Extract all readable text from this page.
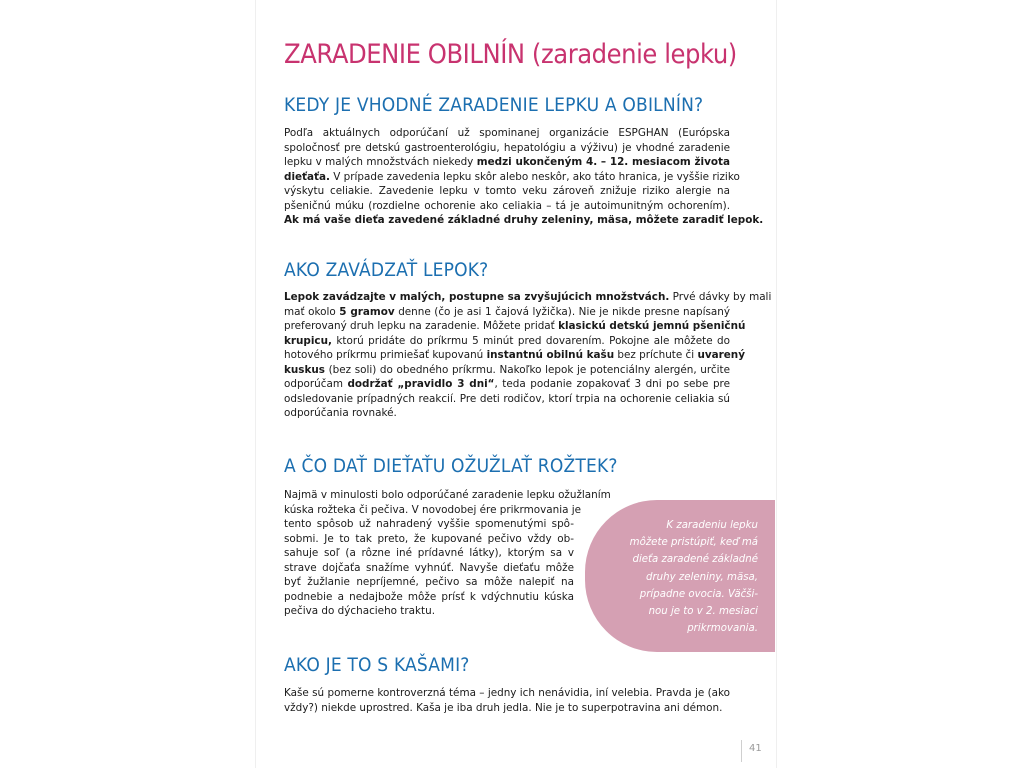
ZARADENIE OBILNÍN (zaradenie lepku)
KEDY JE VHODNÉ ZARADENIE LEPKU A OBILNÍN?
Podľa aktuálnych odporúčaní už spominanej organizácie ESPGHAN (Európska
spoločnosť pre detskú gastroenterológiu, hepatológiu a výživu) je vhodné zaradenie
lepku v malých množstvách niekedy medzi ukončeným 4. – 12. mesiacom života
dieťaťa. V prípade zavedenia lepku skôr alebo neskôr, ako táto hranica, je vyššie riziko
výskytu celiakie. Zavedenie lepku v tomto veku zároveň znižuje riziko alergie na
pšeničnú múku (rozdielne ochorenie ako celiakia – tá je autoimunitným ochorením).
Ak má vaše dieťa zavedené základné druhy zeleniny, mäsa, môžete zaradiť lepok.
AKO ZAVÁDZAŤ LEPOK?
Lepok zavádzajte v malých, postupne sa zvyšujúcich množstvách. Prvé dávky by mali
mať okolo 5 gramov denne (čo je asi 1 čajová lyžička). Nie je nikde presne napísaný
preferovaný druh lepku na zaradenie. Môžete pridať klasickú detskú jemnú pšeničnú
krupicu, ktorú pridáte do príkrmu 5 minút pred dovarením. Pokojne ale môžete do
hotového príkrmu primiešať kupovanú instantnú obilnú kašu bez príchute či uvarený
kuskus (bez soli) do obedného príkrmu. Nakoľko lepok je potenciálny alergén, určite
odporúčam dodržať „pravidlo 3 dni“, teda podanie zopakovať 3 dni po sebe pre
odsledovanie prípadných reakcií. Pre deti rodičov, ktorí trpia na ochorenie celiakia sú
odporúčania rovnaké.
A ČO DAŤ DIEŤAŤU OŽUŽLAŤ ROŽTEK?
Najmä v minulosti bolo odporúčané zaradenie lepku ožužlaním
kúska rožteka či pečiva. V novodobej ére prikrmovania je
tento spôsob už nahradený vyššie spomenutými spô-
sobmi. Je to tak preto, že kupované pečivo vždy ob-
sahuje soľ (a rôzne iné prídavné látky), ktorým sa v
strave dojčaťa snažíme vyhnúť. Navyše dieťaťu môže
byť žužlanie nepríjemné, pečivo sa môže nalepiť na
podnebie a nedajbože môže prísť k vdýchnutiu kúska
pečiva do dýchacieho traktu.
K zaradeniu lepku
môžete pristúpiť, keď má
dieťa zaradené základné
druhy zeleniny, mäsa,
prípadne ovocia. Väčši-
nou je to v 2. mesiaci
prikrmovania.
AKO JE TO S KAŠAMI?
Kaše sú pomerne kontroverzná téma – jedny ich nenávidia, iní velebia. Pravda je (ako
vždy?) niekde uprostred. Kaša je iba druh jedla. Nie je to superpotravina ani démon.
41
